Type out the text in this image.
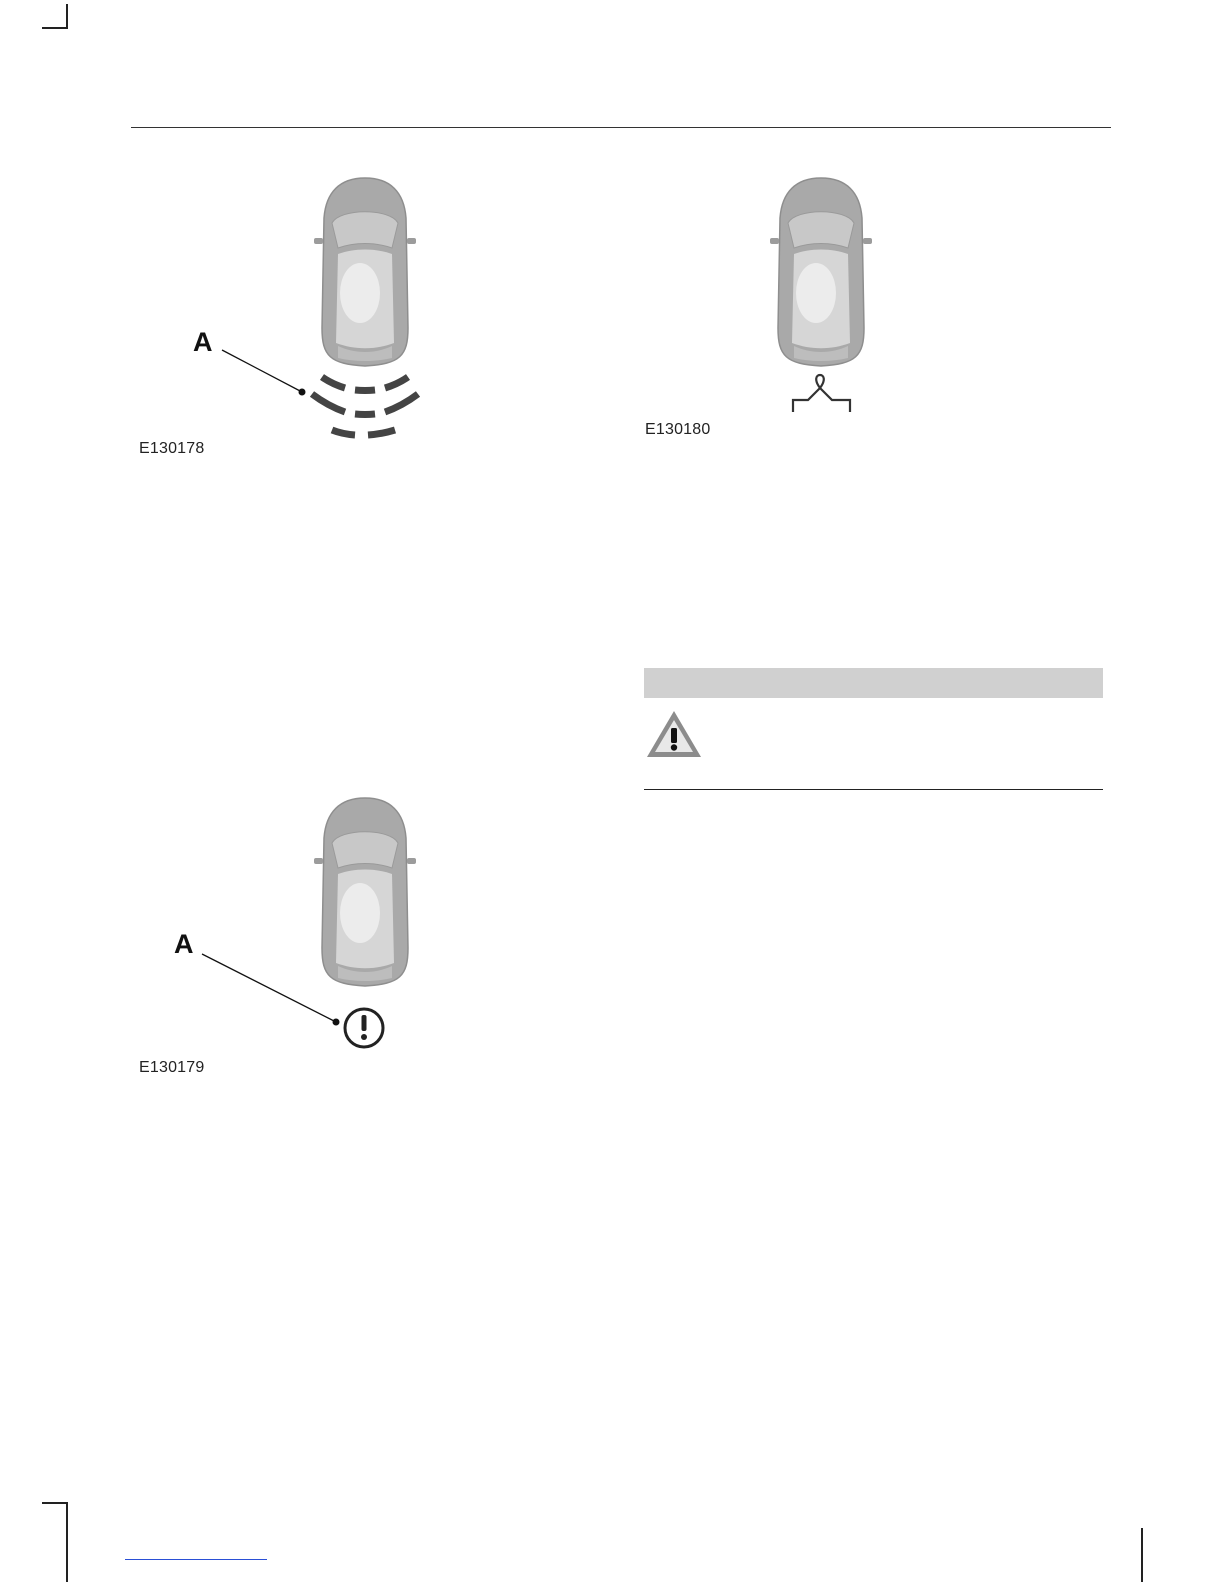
A
E130178
A
E130179
E130180
